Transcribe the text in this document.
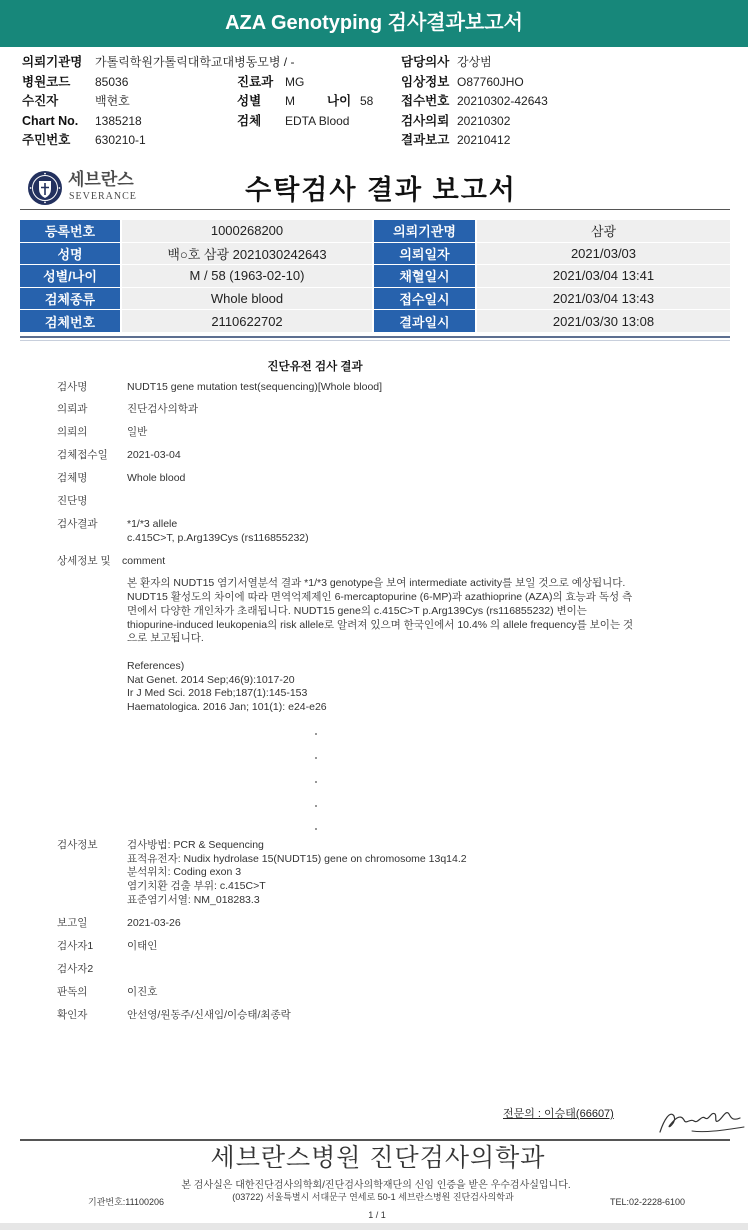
AZA Genotyping 검사결과보고서
의뢰기관명 가톨릭학원가톨릭대학교대병동모병 / -	담당의사 강상범
병원코드 85036	진료과 MG	임상정보 O87760JHO
수진자	백현호	성별 M	나이 58 접수번호 20210302-42643
Chart No. 1385218	검체 EDTA Blood	검사의뢰 20210302
주민번호 630210-1	결과보고 20210412
세브란스
SEVERANCE	수탁검사 결과 보고서
등록번호	1000268200	의뢰기관명	삼광
성명	백○호 삼광 2021030242643	의뢰일자	2021/03/03
성별/나이	M / 58 (1963-02-10)	채혈일시	2021/03/04 13:41
검체종류	Whole blood	접수일시	2021/03/04 13:43
검체번호	2110622702	결과일시	2021/03/30 13:08
진단유전 검사 결과
검사명	NUDT15 gene mutation test(sequencing)[Whole blood]
의뢰과	진단검사의학과
의뢰의	일반
검체접수일 2021-03-04
검체명	Whole blood
진단명
검사결과	*1/*3 allele
c.415C>T, p.Arg139Cys (rs116855232)
상세정보 및 comment
본 환자의 NUDT15 염기서열분석 결과 *1/*3 genotype을 보여 intermediate activity를 보일 것으로 예상됩니다.
NUDT15 활성도의 차이에 따라 면역억제제인 6-mercaptopurine (6-MP)과 azathioprine (AZA)의 효능과 독성 측
면에서 다양한 개인차가 초래됩니다. NUDT15 gene의 c.415C>T p.Arg139Cys (rs116855232) 변이는
thiopurine-induced leukopenia의 risk allele로 알려져 있으며 한국인에서 10.4% 의 allele frequency를 보이는 것
으로 보고됩니다.
References)
Nat Genet. 2014 Sep;46(9):1017-20
Ir J Med Sci. 2018 Feb;187(1):145-153
Haematologica. 2016 Jan; 101(1): e24-e26
검사정보	검사방법: PCR & Sequencing
표적유전자: Nudix hydrolase 15(NUDT15) gene on chromosome 13q14.2
분석위치: Coding exon 3
염기치환 검출 부위: c.415C>T
표준염기서열: NM_018283.3
보고일	2021-03-26
검사자1	이태인
검사자2
판독의	이진호
확인자	안선영/원동주/신새임/이승태/최종락
전문의 : 이승태(66607)
세브란스병원 진단검사의학과
본 검사실은 대한진단검사의학회/진단검사의학재단의 신임 인증을 받은 우수검사실입니다.
(03722) 서울특별시 서대문구 연세로 50-1 세브란스병원 진단검사의학과
기관번호:11100206	TEL:02-2228-6100
1 / 1
